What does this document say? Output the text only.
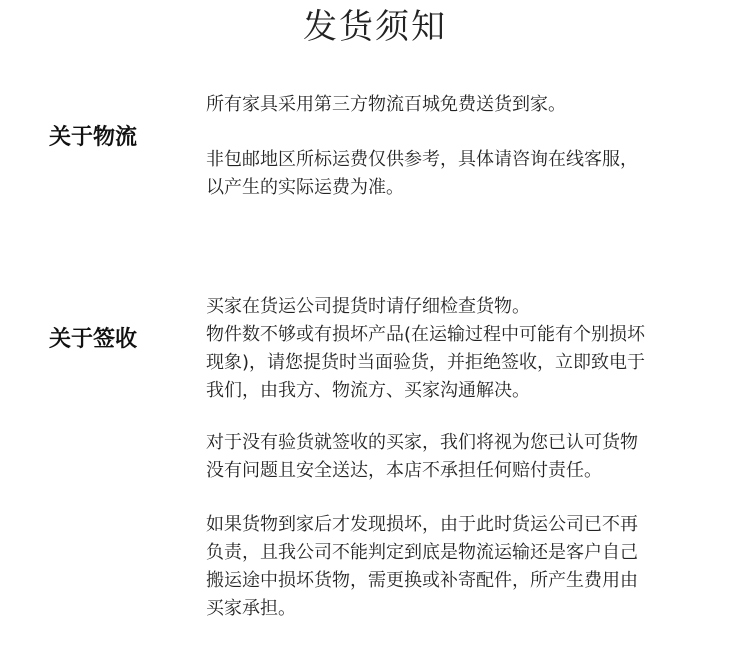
发货须知
关于物流

所有家具采用第三方物流百城免费送货到家。

非包邮地区所标运费仅供参考，具体请咨询在线客服，
以产生的实际运费为准。

关于签收

买家在货运公司提货时请仔细检查货物。
物件数不够或有损坏产品(在运输过程中可能有个别损坏
现象)，请您提货时当面验货，并拒绝签收，立即致电于
我们，由我方、物流方、买家沟通解决。

对于没有验货就签收的买家，我们将视为您已认可货物
没有问题且安全送达，本店不承担任何赔付责任。

如果货物到家后才发现损坏，由于此时货运公司已不再
负责，且我公司不能判定到底是物流运输还是客户自己
搬运途中损坏货物，需更换或补寄配件，所产生费用由
买家承担。
